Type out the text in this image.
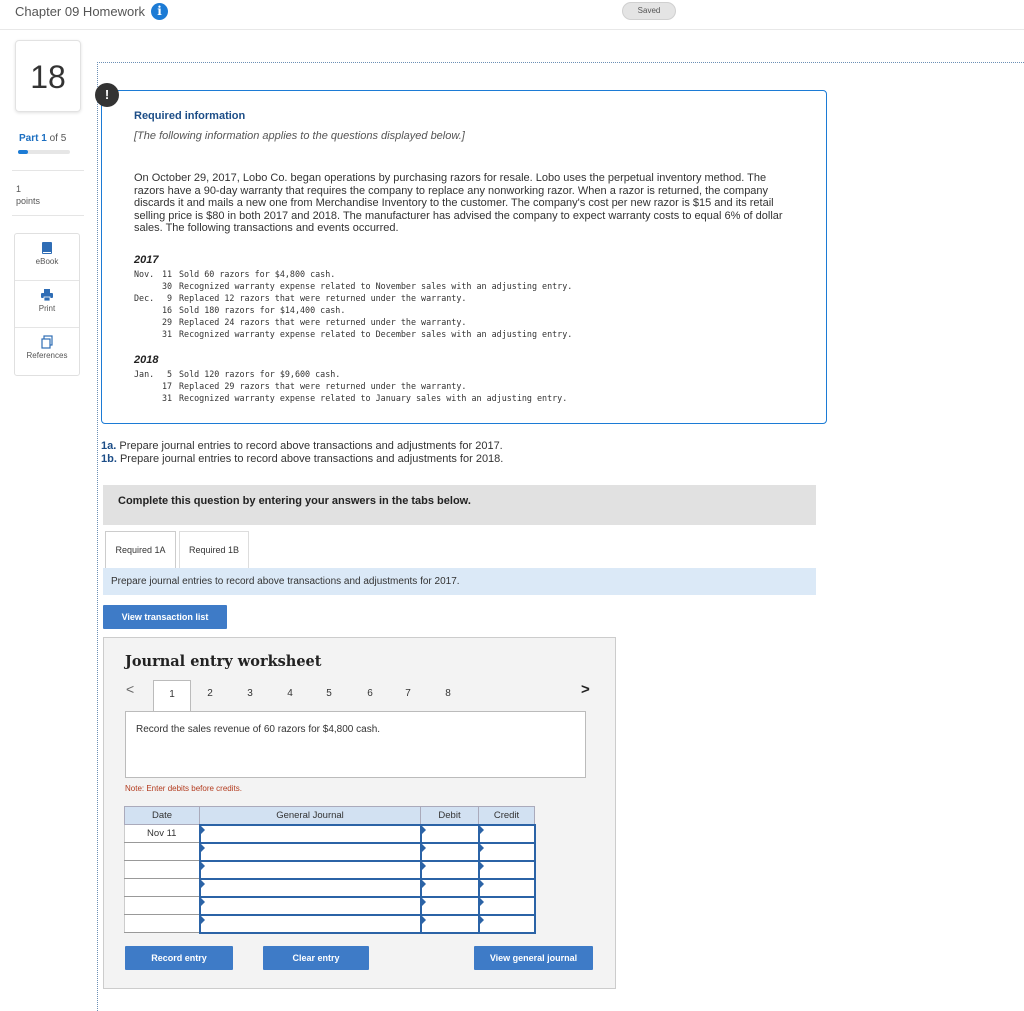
Chapter 09 Homework	i	Saved
18
Part 1 of 5
1
points
eBook
Print
References
!
Required information
[The following information applies to the questions displayed below.]
On October 29, 2017, Lobo Co. began operations by purchasing razors for resale. Lobo uses the perpetual inventory method. The razors have a 90-day warranty that requires the company to replace any nonworking razor. When a razor is returned, the company discards it and mails a new one from Merchandise Inventory to the customer. The company's cost per new razor is $15 and its retail selling price is $80 in both 2017 and 2018. The manufacturer has advised the company to expect warranty costs to equal 6% of dollar sales. The following transactions and events occurred.
2017
Nov. 11 Sold 60 razors for $4,800 cash.
30 Recognized warranty expense related to November sales with an adjusting entry.
Dec. 9 Replaced 12 razors that were returned under the warranty.
16 Sold 180 razors for $14,400 cash.
29 Replaced 24 razors that were returned under the warranty.
31 Recognized warranty expense related to December sales with an adjusting entry.
2018
Jan. 5 Sold 120 razors for $9,600 cash.
17 Replaced 29 razors that were returned under the warranty.
31 Recognized warranty expense related to January sales with an adjusting entry.
1a. Prepare journal entries to record above transactions and adjustments for 2017.
1b. Prepare journal entries to record above transactions and adjustments for 2018.
Complete this question by entering your answers in the tabs below.
Required 1A	Required 1B
Prepare journal entries to record above transactions and adjustments for 2017.
View transaction list
Journal entry worksheet
<	1	2	3	4	5	6	7	8	>
Record the sales revenue of 60 razors for $4,800 cash.
Note: Enter debits before credits.
Date	General Journal	Debit	Credit
Nov 11			

Record entry	Clear entry	View general journal
